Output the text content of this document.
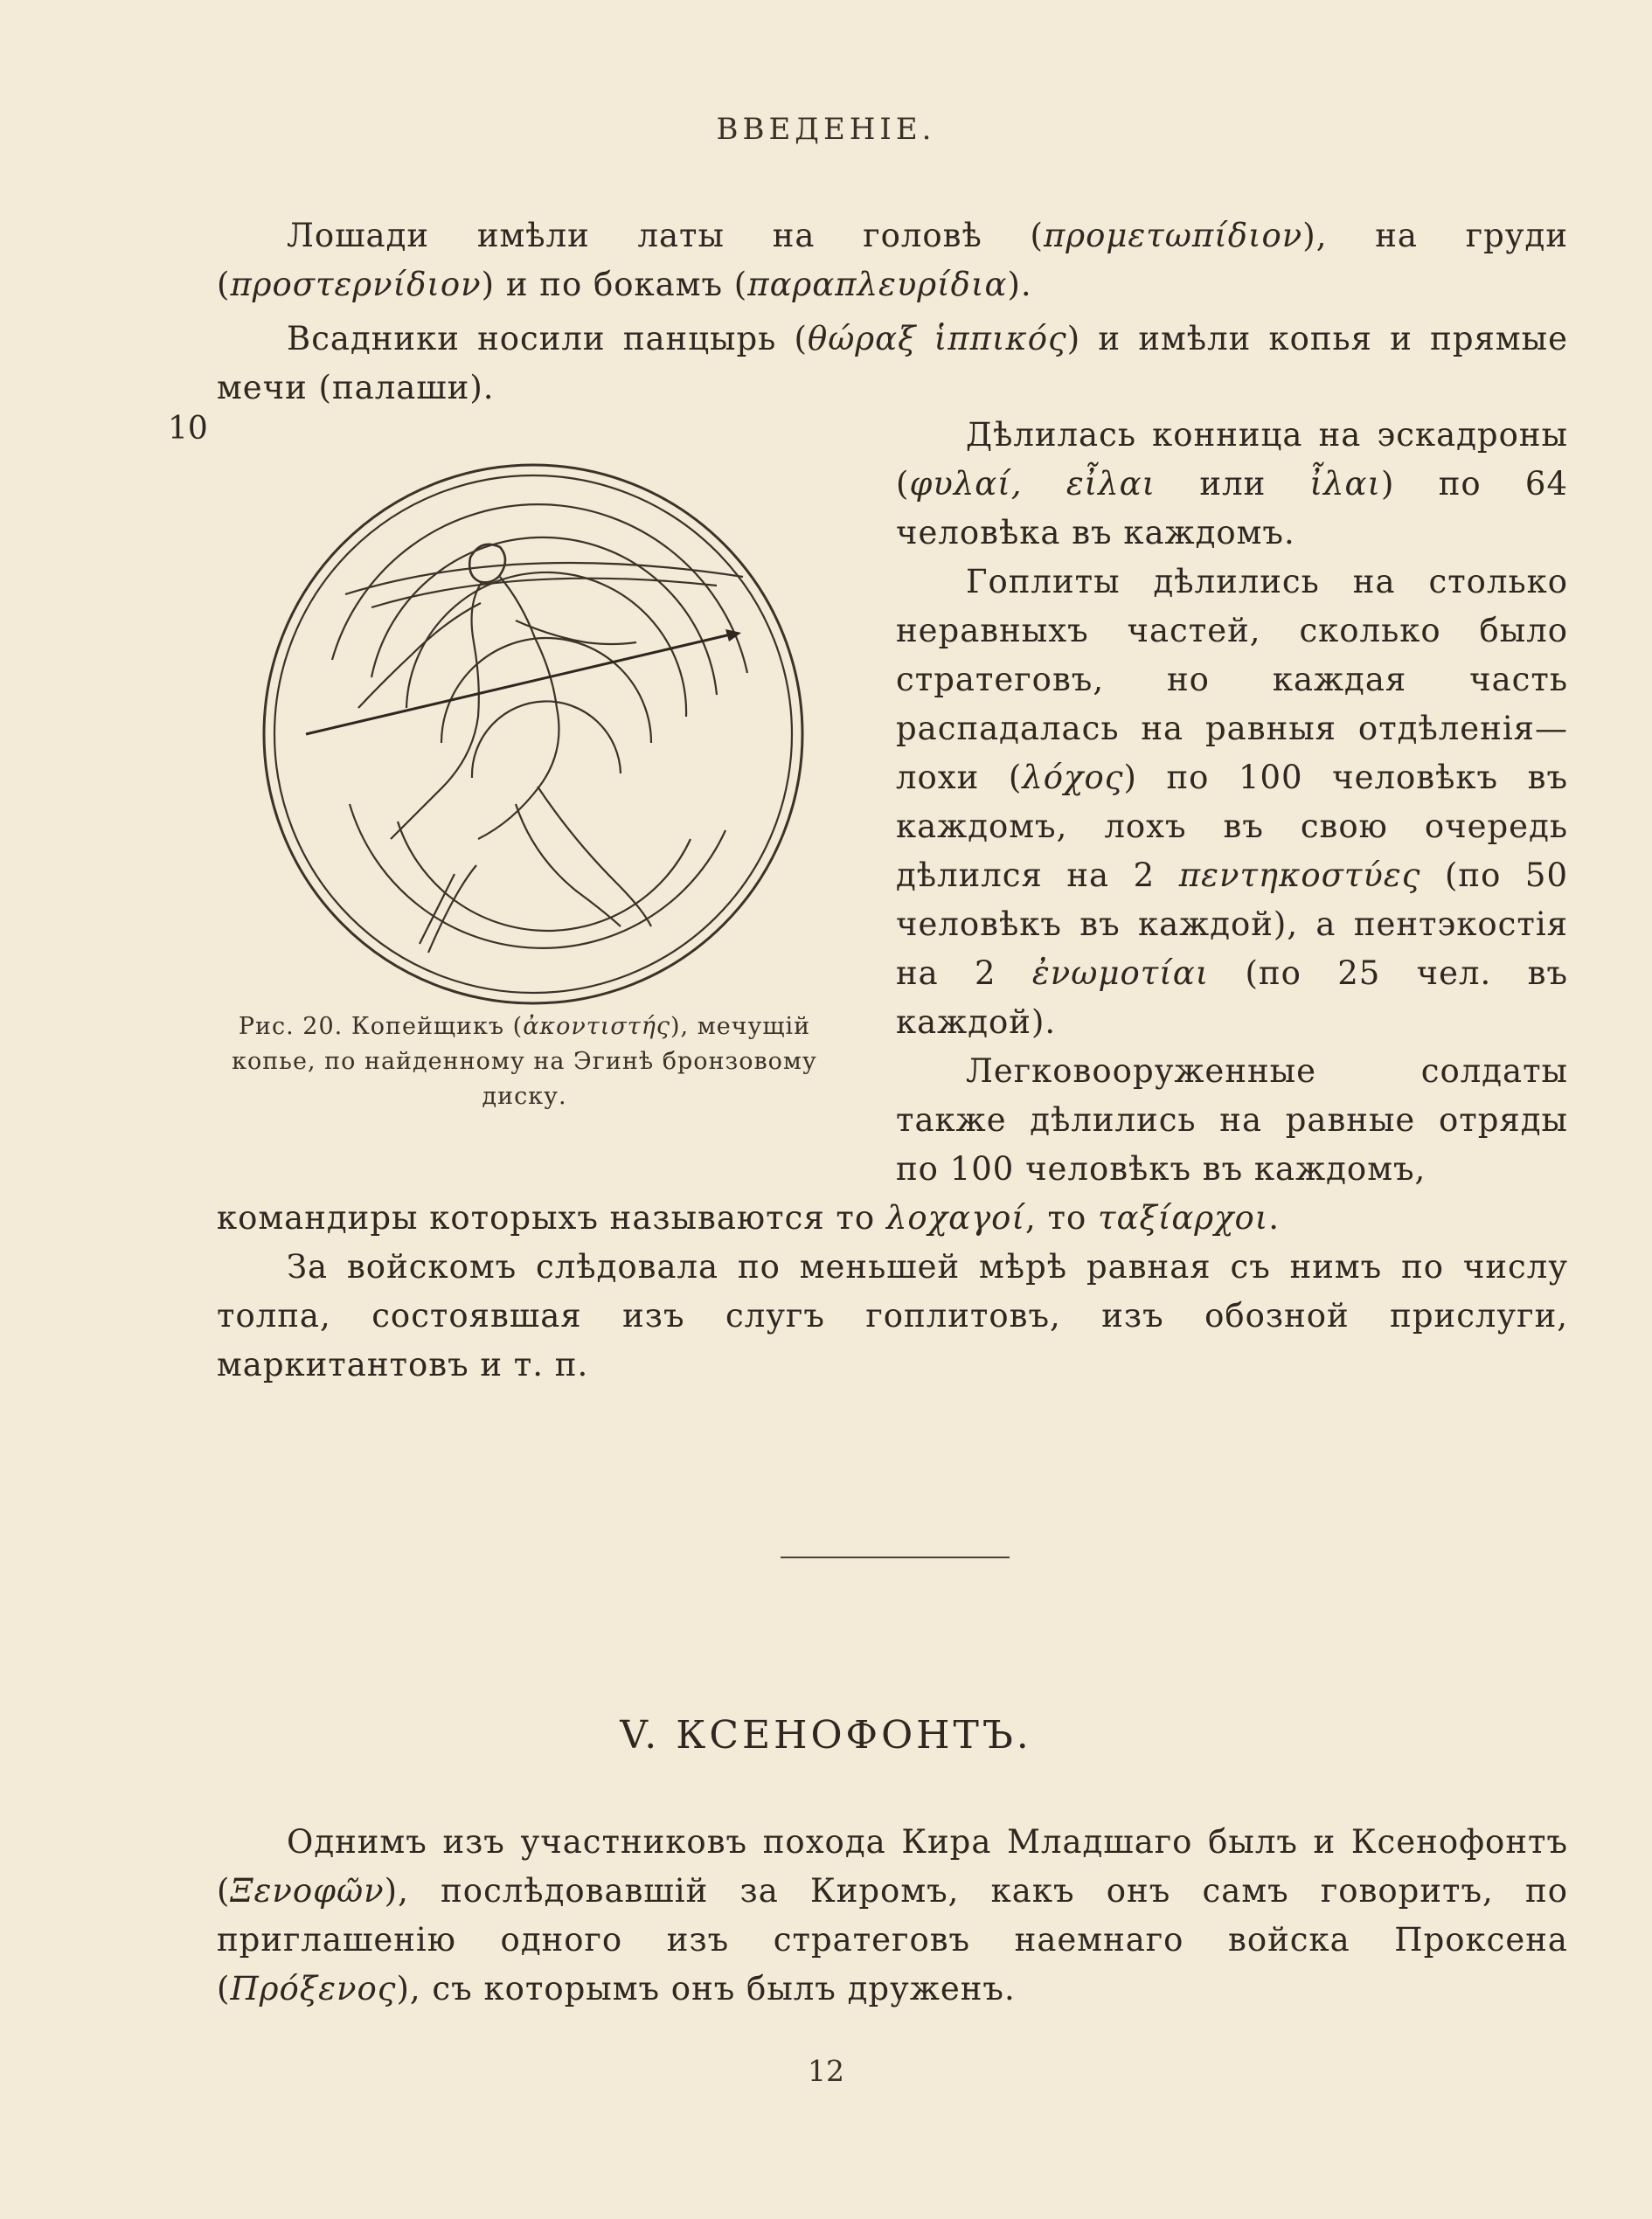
ВВЕДЕНІЕ.
Лошади имѣли латы на головѣ (προμετωπίδιον), на груди (προστερνίδιον) и по бокамъ (παραπλευρίδια).
Всадники носили панцырь (θώραξ ἱππικός) и имѣли копья и прямые мечи (палаши).
10
Рис. 20. Копейщикъ (ἀκοντιστής), мечущій копье, по найденному на Эгинѣ бронзовому диску.
Дѣлилась конница на эскадроны (φυλαί, εἶλαι или ἶλαι) по 64 человѣка въ каждомъ.
Гоплиты дѣлились на столько неравныхъ частей, сколько было стратеговъ, но каждая часть распадалась на равныя отдѣленія—лохи (λόχος) по 100 человѣкъ въ каждомъ, лохъ въ свою очередь дѣлился на 2 πεντηκοστύες (по 50 человѣкъ въ каждой), а пентэкостія на 2 ἐνωμοτίαι (по 25 чел. въ каждой).
Легковооруженные солдаты также дѣлились на равные отряды по 100 человѣкъ въ каждомъ,
командиры которыхъ называются то λοχαγοί, то ταξίαρχοι.
За войскомъ слѣдовала по меньшей мѣрѣ равная съ нимъ по числу толпа, состоявшая изъ слугъ гоплитовъ, изъ обозной прислуги, маркитантовъ и т. п.
V. КСЕНОФОНТЪ.
Однимъ изъ участниковъ похода Кира Младшаго былъ и Ксенофонтъ (Ξενοφῶν), послѣдовавшій за Киромъ, какъ онъ самъ говоритъ, по приглашенію одного изъ стратеговъ наемнаго войска Проксена (Πρόξενος), съ которымъ онъ былъ друженъ.
12
